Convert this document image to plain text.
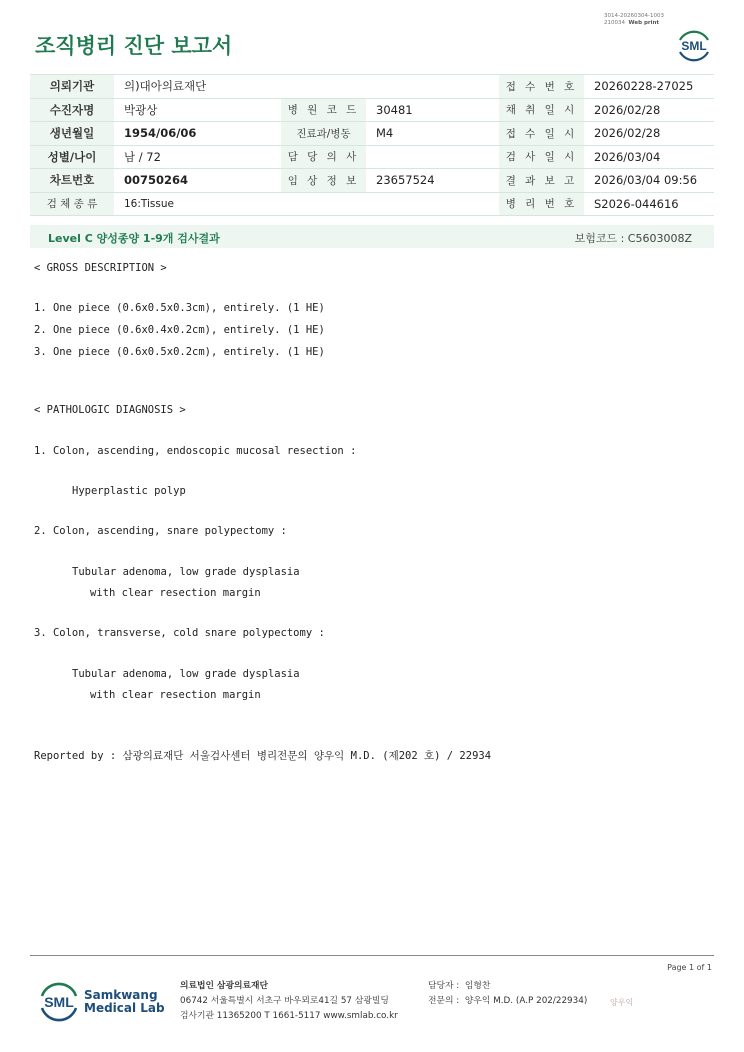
조직병리 진단 보고서
3014-20260304-1003
210034 Web print
SML
의뢰기관	의)대아의료재단			접 수 번 호	20260228-27025
수진자명	박광상	병 원 코 드	30481	채 취 일 시	2026/02/28
생년월일	1954/06/06	진료과/병동	M4	접 수 일 시	2026/02/28
성별/나이	남 / 72	담 당 의 사		검 사 일 시	2026/03/04
차트번호	00750264	임 상 정 보	23657524	결 과 보 고	2026/03/04 09:56
검 체 종 류	16:Tissue			병 리 번 호	S2026-044616
Level C 양성종양 1-9개 검사결과	보험코드 : C5603008Z
< GROSS DESCRIPTION >
1. One piece (0.6x0.5x0.3cm), entirely. (1 HE)
2. One piece (0.6x0.4x0.2cm), entirely. (1 HE)
3. One piece (0.6x0.5x0.2cm), entirely. (1 HE)
< PATHOLOGIC DIAGNOSIS >
1. Colon, ascending, endoscopic mucosal resection :
Hyperplastic polyp
2. Colon, ascending, snare polypectomy :
Tubular adenoma, low grade dysplasia
with clear resection margin
3. Colon, transverse, cold snare polypectomy :
Tubular adenoma, low grade dysplasia
with clear resection margin
Reported by : 삼광의료재단 서울검사센터 병리전문의 양우익 M.D. (제202 호) / 22934
Page 1 of 1
SML Samkwang
Medical Lab
의료법인 삼광의료재단
06742 서울특별시 서초구 바우뫼로41길 57 삼광빌딩
검사기관 11365200 T 1661-5117 www.smlab.co.kr
담당자 : 임형찬
전문의 : 양우익 M.D. (A.P 202/22934)	양우익
